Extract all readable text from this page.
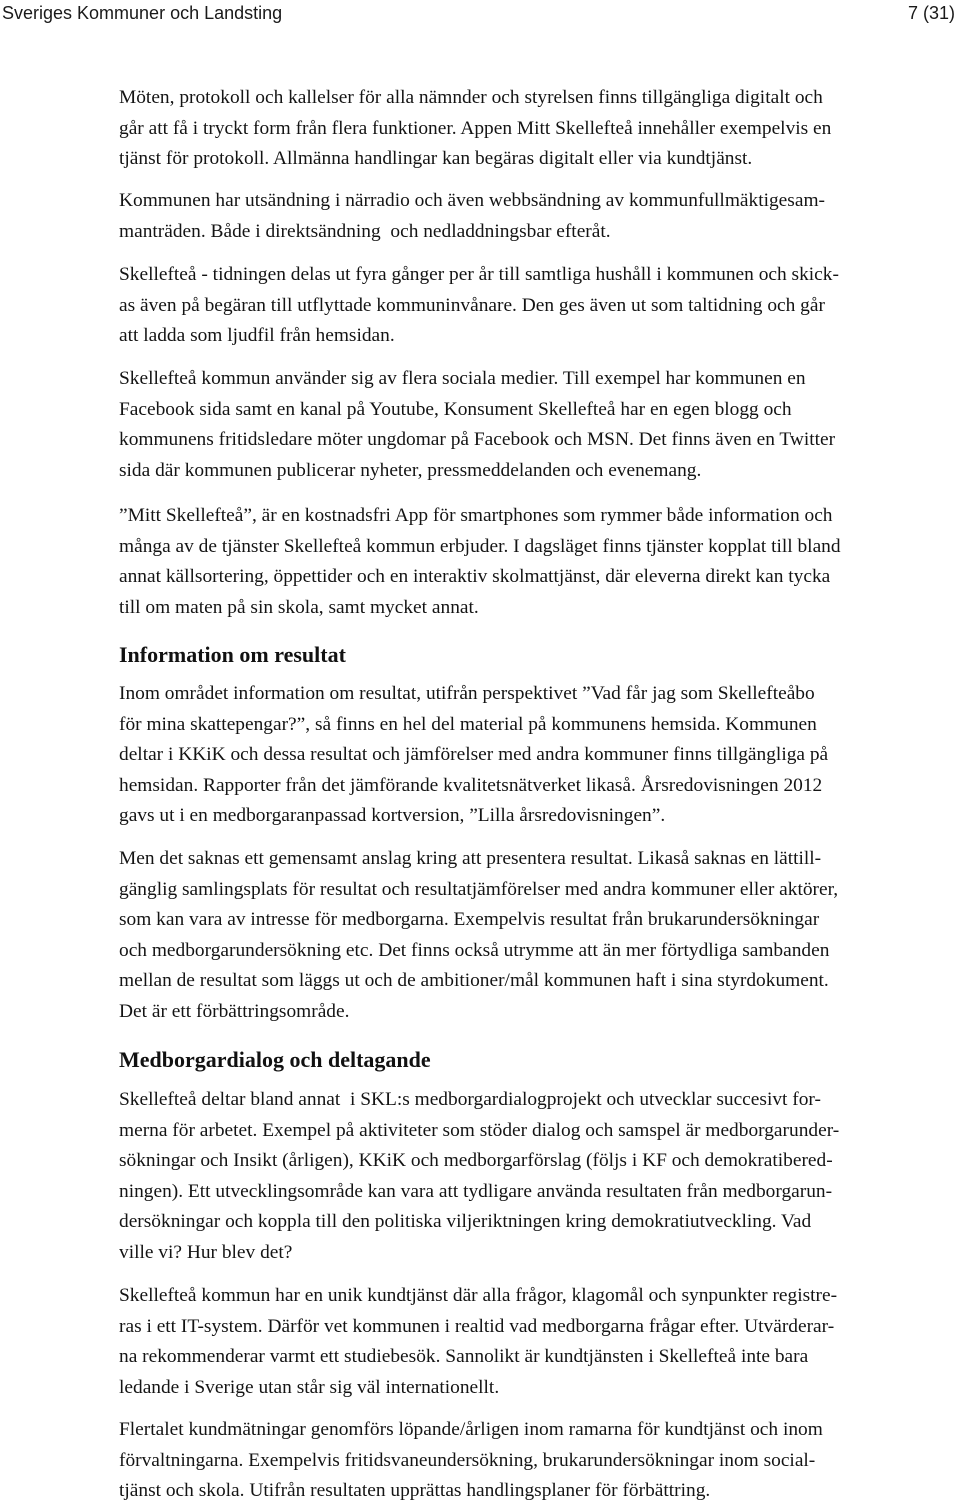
Sveriges Kommuner och Landsting	7 (31)
Möten, protokoll och kallelser för alla nämnder och styrelsen finns tillgängliga digitalt och
går att få i tryckt form från flera funktioner. Appen Mitt Skellefteå innehåller exempelvis en
tjänst för protokoll. Allmänna handlingar kan begäras digitalt eller via kundtjänst.
Kommunen har utsändning i närradio och även webbsändning av kommunfullmäktigesam-
manträden. Både i direktsändning  och nedladdningsbar efteråt.
Skellefteå - tidningen delas ut fyra gånger per år till samtliga hushåll i kommunen och skick-
as även på begäran till utflyttade kommuninvånare. Den ges även ut som taltidning och går
att ladda som ljudfil från hemsidan.
Skellefteå kommun använder sig av flera sociala medier. Till exempel har kommunen en
Facebook sida samt en kanal på Youtube, Konsument Skellefteå har en egen blogg och
kommunens fritidsledare möter ungdomar på Facebook och MSN. Det finns även en Twitter
sida där kommunen publicerar nyheter, pressmeddelanden och evenemang.
”Mitt Skellefteå”, är en kostnadsfri App för smartphones som rymmer både information och
många av de tjänster Skellefteå kommun erbjuder. I dagsläget finns tjänster kopplat till bland
annat källsortering, öppettider och en interaktiv skolmattjänst, där eleverna direkt kan tycka
till om maten på sin skola, samt mycket annat.
Information om resultat
Inom området information om resultat, utifrån perspektivet ”Vad får jag som Skellefteåbo
för mina skattepengar?”, så finns en hel del material på kommunens hemsida. Kommunen
deltar i KKiK och dessa resultat och jämförelser med andra kommuner finns tillgängliga på
hemsidan. Rapporter från det jämförande kvalitetsnätverket likaså. Årsredovisningen 2012
gavs ut i en medborgaranpassad kortversion, ”Lilla årsredovisningen”.
Men det saknas ett gemensamt anslag kring att presentera resultat. Likaså saknas en lättill-
gänglig samlingsplats för resultat och resultatjämförelser med andra kommuner eller aktörer,
som kan vara av intresse för medborgarna. Exempelvis resultat från brukarundersökningar
och medborgarundersökning etc. Det finns också utrymme att än mer förtydliga sambanden
mellan de resultat som läggs ut och de ambitioner/mål kommunen haft i sina styrdokument.
Det är ett förbättringsområde.
Medborgardialog och deltagande
Skellefteå deltar bland annat  i SKL:s medborgardialogprojekt och utvecklar succesivt for-
merna för arbetet. Exempel på aktiviteter som stöder dialog och samspel är medborgarunder-
sökningar och Insikt (årligen), KKiK och medborgarförslag (följs i KF och demokratibered-
ningen). Ett utvecklingsområde kan vara att tydligare använda resultaten från medborgarun-
dersökningar och koppla till den politiska viljeriktningen kring demokratiutveckling. Vad
ville vi? Hur blev det?
Skellefteå kommun har en unik kundtjänst där alla frågor, klagomål och synpunkter registre-
ras i ett IT-system. Därför vet kommunen i realtid vad medborgarna frågar efter. Utvärderar-
na rekommenderar varmt ett studiebesök. Sannolikt är kundtjänsten i Skellefteå inte bara
ledande i Sverige utan står sig väl internationellt.
Flertalet kundmätningar genomförs löpande/årligen inom ramarna för kundtjänst och inom
förvaltningarna. Exempelvis fritidsvaneundersökning, brukarundersökningar inom social-
tjänst och skola. Utifrån resultaten upprättas handlingsplaner för förbättring.
